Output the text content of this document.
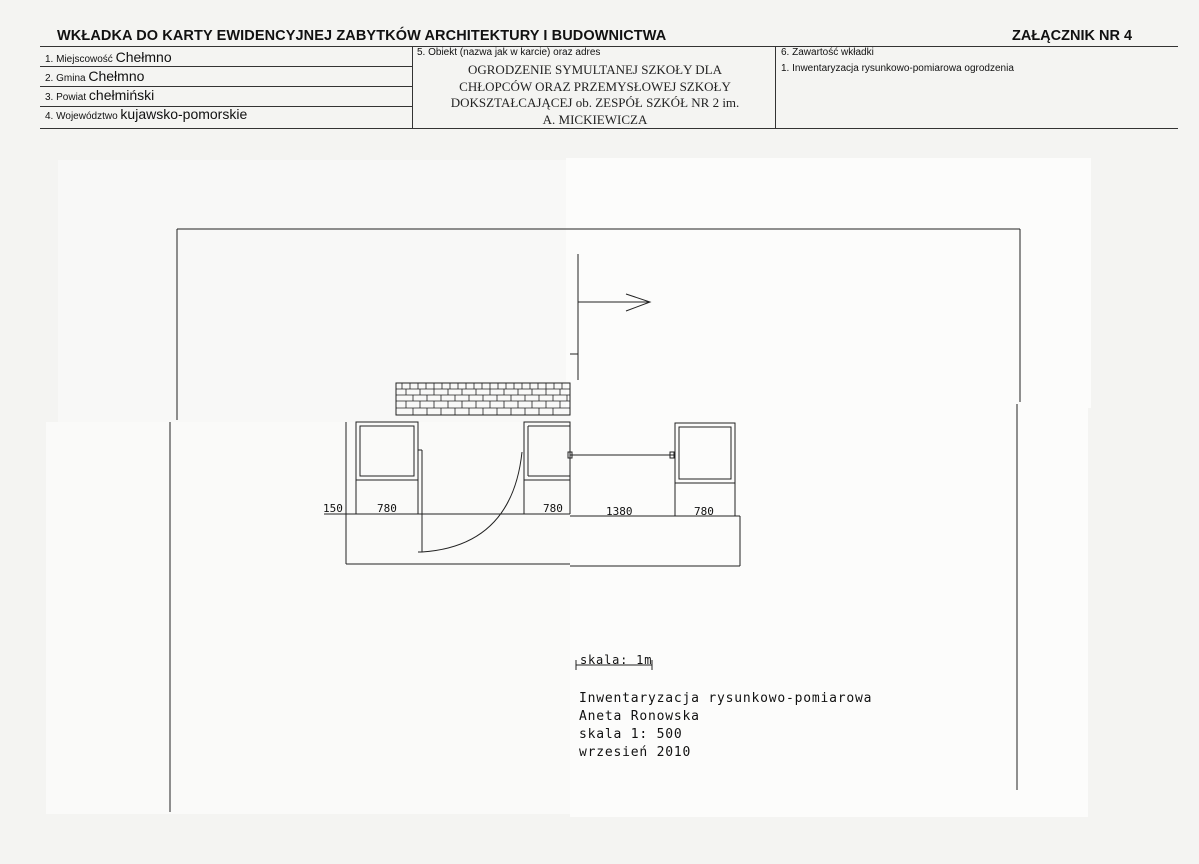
WKŁADKA DO KARTY EWIDENCYJNEJ ZABYTKÓW ARCHITEKTURY I BUDOWNICTWA	ZAŁĄCZNIK NR 4
1. Miejscowość Chełmno
2. Gmina Chełmno
3. Powiat chełmiński
4. Województwo kujawsko-pomorskie
5. Obiekt (nazwa jak w karcie) oraz adres
OGRODZENIE SYMULTANEJ SZKOŁY DLA
CHŁOPCÓW ORAZ PRZEMYSŁOWEJ SZKOŁY
DOKSZTAŁCAJĄCEJ ob. ZESPÓŁ SZKÓŁ NR 2 im.
A. MICKIEWICZA
6. Zawartość wkładki
1. Inwentaryzacja rysunkowo-pomiarowa ogrodzenia
150	780	780	1380	780
skala: 1m
Inwentaryzacja rysunkowo-pomiarowa
Aneta Ronowska
skala 1: 500
wrzesień 2010
